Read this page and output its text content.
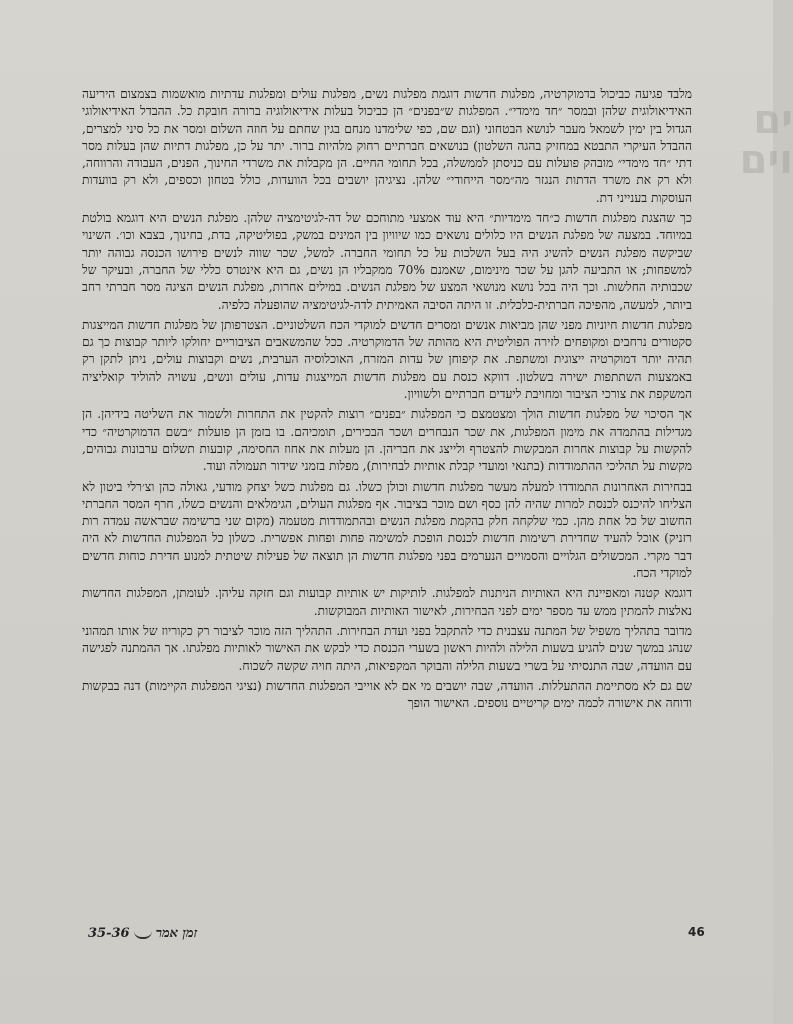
ים
וים

מלבד פגיעה כביכול בדמוקרטיה, מפלגות חדשות דוגמת מפלגות נשים, מפלגות עולים ומפלגות עדתיות מואשמות בצמצום היריעה האידיאולוגית שלהן ובמסר ״חד מימדי״. המפלגות ש״בפנים״ הן כביכול בעלות אידיאולוגיה ברורה חובקת כל. ההבדל האידיאולוגי הגדול בין ימין לשמאל מעבר לנושא הבטחוני (וגם שם, כפי שלימדנו מנחם בגין שחתם על חוזה השלום ומסר את כל סיני למצרים, ההבדל העיקרי התבטא במחזיק בהגה השלטון) בנושאים חברתיים רחוק מלהיות ברור. יתר על כן, מפלגות דתיות שהן בעלות מסר דתי ״חד מימדי״ מובהק פועלות עם כניסתן לממשלה, בכל תחומי החיים. הן מקבלות את משרדי החינוך, הפנים, העבודה והרווחה, ולא רק את משרד הדתות הנגזר מה״מסר הייחודי״ שלהן. נציגיהן יושבים בכל הוועדות, כולל בטחון וכספים, ולא רק בוועדות העוסקות בענייני דת.

כך שהצגת מפלגות חדשות כ״חד מימדיות״ היא עוד אמצעי מתוחכם של דה-לגיטימציה שלהן. מפלגת הנשים היא דוגמא בולטת במיוחד. במצעה של מפלגת הנשים היו כלולים נושאים כמו שיוויון בין המינים במשק, בפוליטיקה, בדת, בחינוך, בצבא וכו׳. השינוי שביקשה מפלגת הנשים להשיג היה בעל השלכות על כל תחומי החברה. למשל, שכר שווה לנשים פירושו הכנסה גבוהה יותר למשפחות; או התביעה להגן על שכר מינימום, שאמנם 70% ממקבליו הן נשים, גם היא אינטרס כללי של החברה, ובעיקר של שכבותיה החלשות. וכך היה בכל נושא מנושאי המצע של מפלגת הנשים. במילים אחרות, מפלגת הנשים הציגה מסר חברתי רחב ביותר, למעשה, מהפיכה חברתית-כלכלית. זו היתה הסיבה האמיתית לדה-לגיטימציה שהופעלה כלפיה.

מפלגות חדשות חיוניות מפני שהן מביאות אנשים ומסרים חדשים למוקדי הכח השלטוניים. הצטרפותן של מפלגות חדשות המייצגות סקטורים נרחבים ומקופחים לזירה הפוליטית היא מהותה של הדמוקרטיה. ככל שהמשאבים הציבוריים יחולקו ליותר קבוצות כך גם תהיה יותר דמוקרטיה ייצוגית ומשתפת. את קיפוחן של עדות המזרח, האוכלוסיה הערבית, נשים וקבוצות עולים, ניתן לתקן רק באמצעות השתתפות ישירה בשלטון. דווקא כנסת עם מפלגות חדשות המייצגות עדות, עולים ונשים, עשויה להוליד קואליציה המשקפת את צורכי הציבור ומחויבת ליעדים חברתיים ולשוויון.

אך הסיכוי של מפלגות חדשות הולך ומצטמצם כי המפלגות ״בפנים״ רוצות להקטין את התחרות ולשמור את השליטה בידיהן. הן מגדילות בהתמדה את מימון המפלגות, את שכר הנבחרים ושכר הבכירים, תומכיהם. בו בזמן הן פועלות ״בשם הדמוקרטיה״ כדי להקשות על קבוצות אחרות המבקשות להצטרף ולייצג את חבריהן. הן מעלות את אחוז החסימה, קובעות תשלום ערבונות גבוהים, מקשות על תהליכי ההתמודדות (בתנאי ומועדי קבלת אותיות לבחירות), מפלות בזמני שידור תעמולה ועוד.

בבחירות האחרונות התמודדו למעלה מעשר מפלגות חדשות וכולן כשלו. גם מפלגות כשל יצחק מודעי, גאולה כהן וצ׳רלי ביטון לא הצליחו להיכנס לכנסת למרות שהיה להן כסף ושם מוכר בציבור. אף מפלגות העולים, הגימלאים והנשים כשלו, חרף המסר החברתי החשוב של כל אחת מהן. כמי שלקחה חלק בהקמת מפלגת הנשים ובהתמודדות מטעמה (מקום שני ברשימה שבראשה עמדה רות רזניק) אוכל להעיד שחדירת רשימות חדשות לכנסת הופכת למשימה פחות ופחות אפשרית. כשלון כל המפלגות החדשות לא היה דבר מקרי. המכשולים הגלויים והסמויים הנערמים בפני מפלגות חדשות הן תוצאה של פעילות שיטתית למנוע חדירת כוחות חדשים למוקדי הכח.

דוגמא קטנה ומאפיינת היא האותיות הניתנות למפלגות. לותיקות יש אותיות קבועות וגם חזקה עליהן. לעומתן, המפלגות החדשות נאלצות להמתין ממש עד מספר ימים לפני הבחירות, לאישור האותיות המבוקשות.

מדובר בתהליך משפיל של המתנה עצבנית כדי להתקבל בפני ועדת הבחירות. התהליך הזה מוכר לציבור רק כקוריוז של אותו תמהוני שנהג במשך שנים להגיע בשעות הלילה ולהיות ראשון בשערי הכנסת כדי לבקש את האישור לאותיות מפלגתו. אך ההמתנה לפגישה עם הוועדה, שבה התנסיתי על בשרי בשעות הלילה והבוקר המקפיאות, היתה חויה שקשה לשכוח.

שם גם לא מסתיימת ההתעללות. הוועדה, שבה יושבים מי אם לא אוייבי המפלגות החדשות (נציגי המפלגות הקיימות) דנה בבקשות ודוחה את אישורה לכמה ימים קריטיים נוספים. האישור הופך

46
זמן אמר
35-36
